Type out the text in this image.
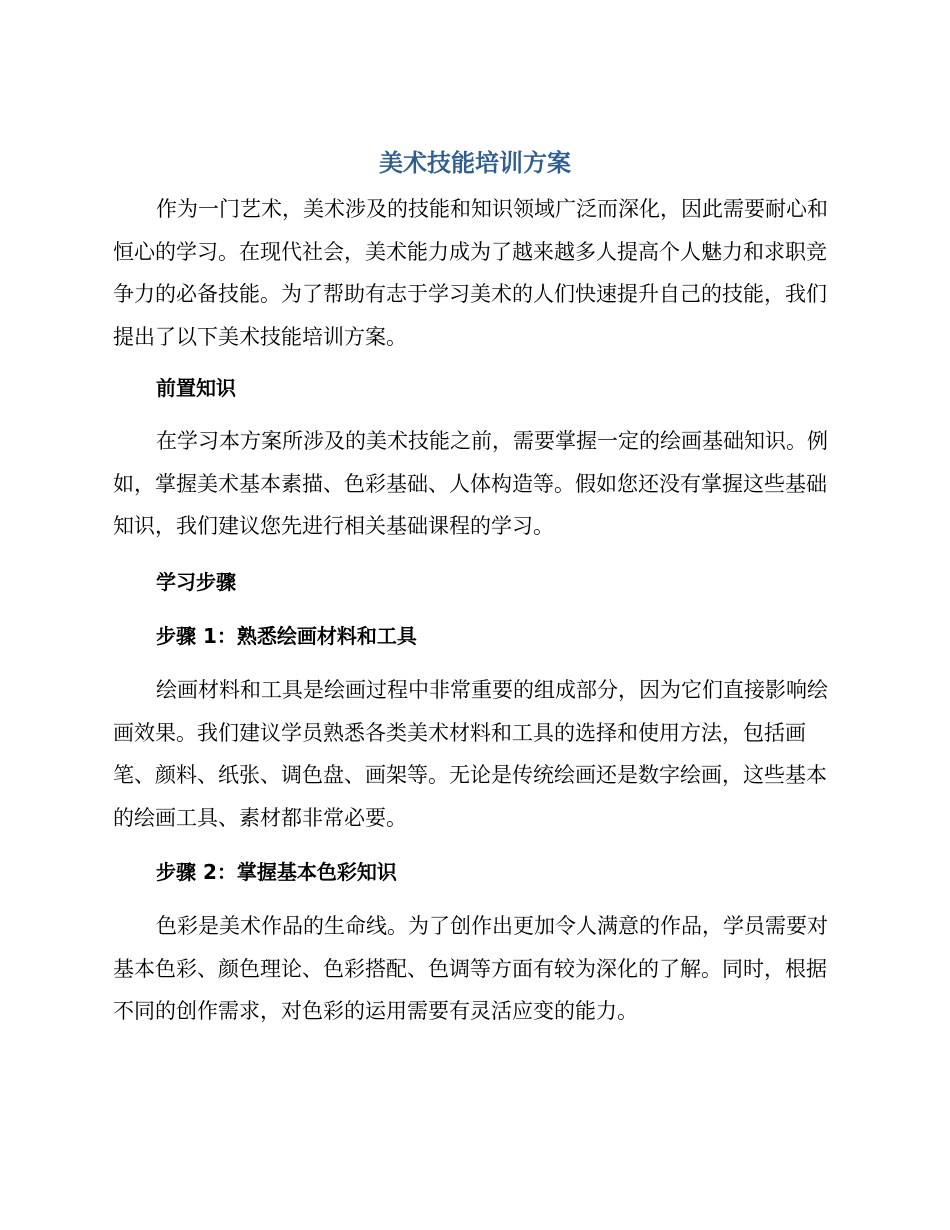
美术技能培训方案

作为一门艺术，美术涉及的技能和知识领域广泛而深化，因此需要耐心和恒心的学习。在现代社会，美术能力成为了越来越多人提高个人魅力和求职竞争力的必备技能。为了帮助有志于学习美术的人们快速提升自己的技能，我们提出了以下美术技能培训方案。

前置知识

在学习本方案所涉及的美术技能之前，需要掌握一定的绘画基础知识。例如，掌握美术基本素描、色彩基础、人体构造等。假如您还没有掌握这些基础知识，我们建议您先进行相关基础课程的学习。

学习步骤
步骤 1：熟悉绘画材料和工具

绘画材料和工具是绘画过程中非常重要的组成部分，因为它们直接影响绘画效果。我们建议学员熟悉各类美术材料和工具的选择和使用方法，包括画笔、颜料、纸张、调色盘、画架等。无论是传统绘画还是数字绘画，这些基本的绘画工具、素材都非常必要。

步骤 2：掌握基本色彩知识

色彩是美术作品的生命线。为了创作出更加令人满意的作品，学员需要对基本色彩、颜色理论、色彩搭配、色调等方面有较为深化的了解。同时，根据不同的创作需求，对色彩的运用需要有灵活应变的能力。
